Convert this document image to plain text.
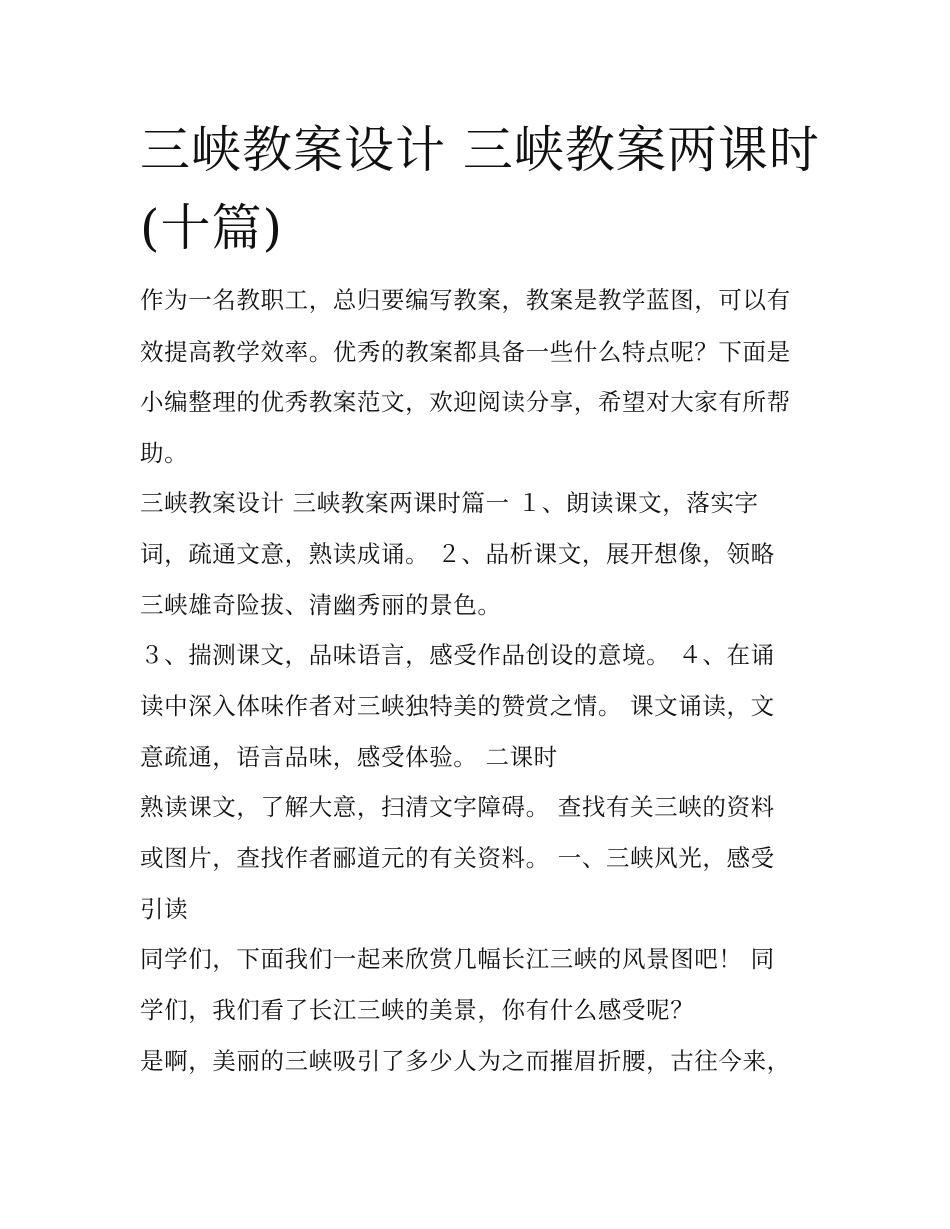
三峡教案设计 三峡教案两课时
(十篇)

作为一名教职工，总归要编写教案，教案是教学蓝图，可以有

效提高教学效率。优秀的教案都具备一些什么特点呢？下面是

小编整理的优秀教案范文，欢迎阅读分享，希望对大家有所帮

助。

三峡教案设计 三峡教案两课时篇一 １、朗读课文，落实字

词，疏通文意，熟读成诵。 ２、品析课文，展开想像，领略

三峡雄奇险拔、清幽秀丽的景色。

３、揣测课文，品味语言，感受作品创设的意境。 ４、在诵

读中深入体味作者对三峡独特美的赞赏之情。 课文诵读，文

意疏通，语言品味，感受体验。 二课时

熟读课文，了解大意，扫清文字障碍。 查找有关三峡的资料

或图片，查找作者郦道元的有关资料。 一、三峡风光，感受

引读

同学们，下面我们一起来欣赏几幅长江三峡的风景图吧！ 同

学们，我们看了长江三峡的美景，你有什么感受呢？

是啊，美丽的三峡吸引了多少人为之而摧眉折腰，古往今来，
